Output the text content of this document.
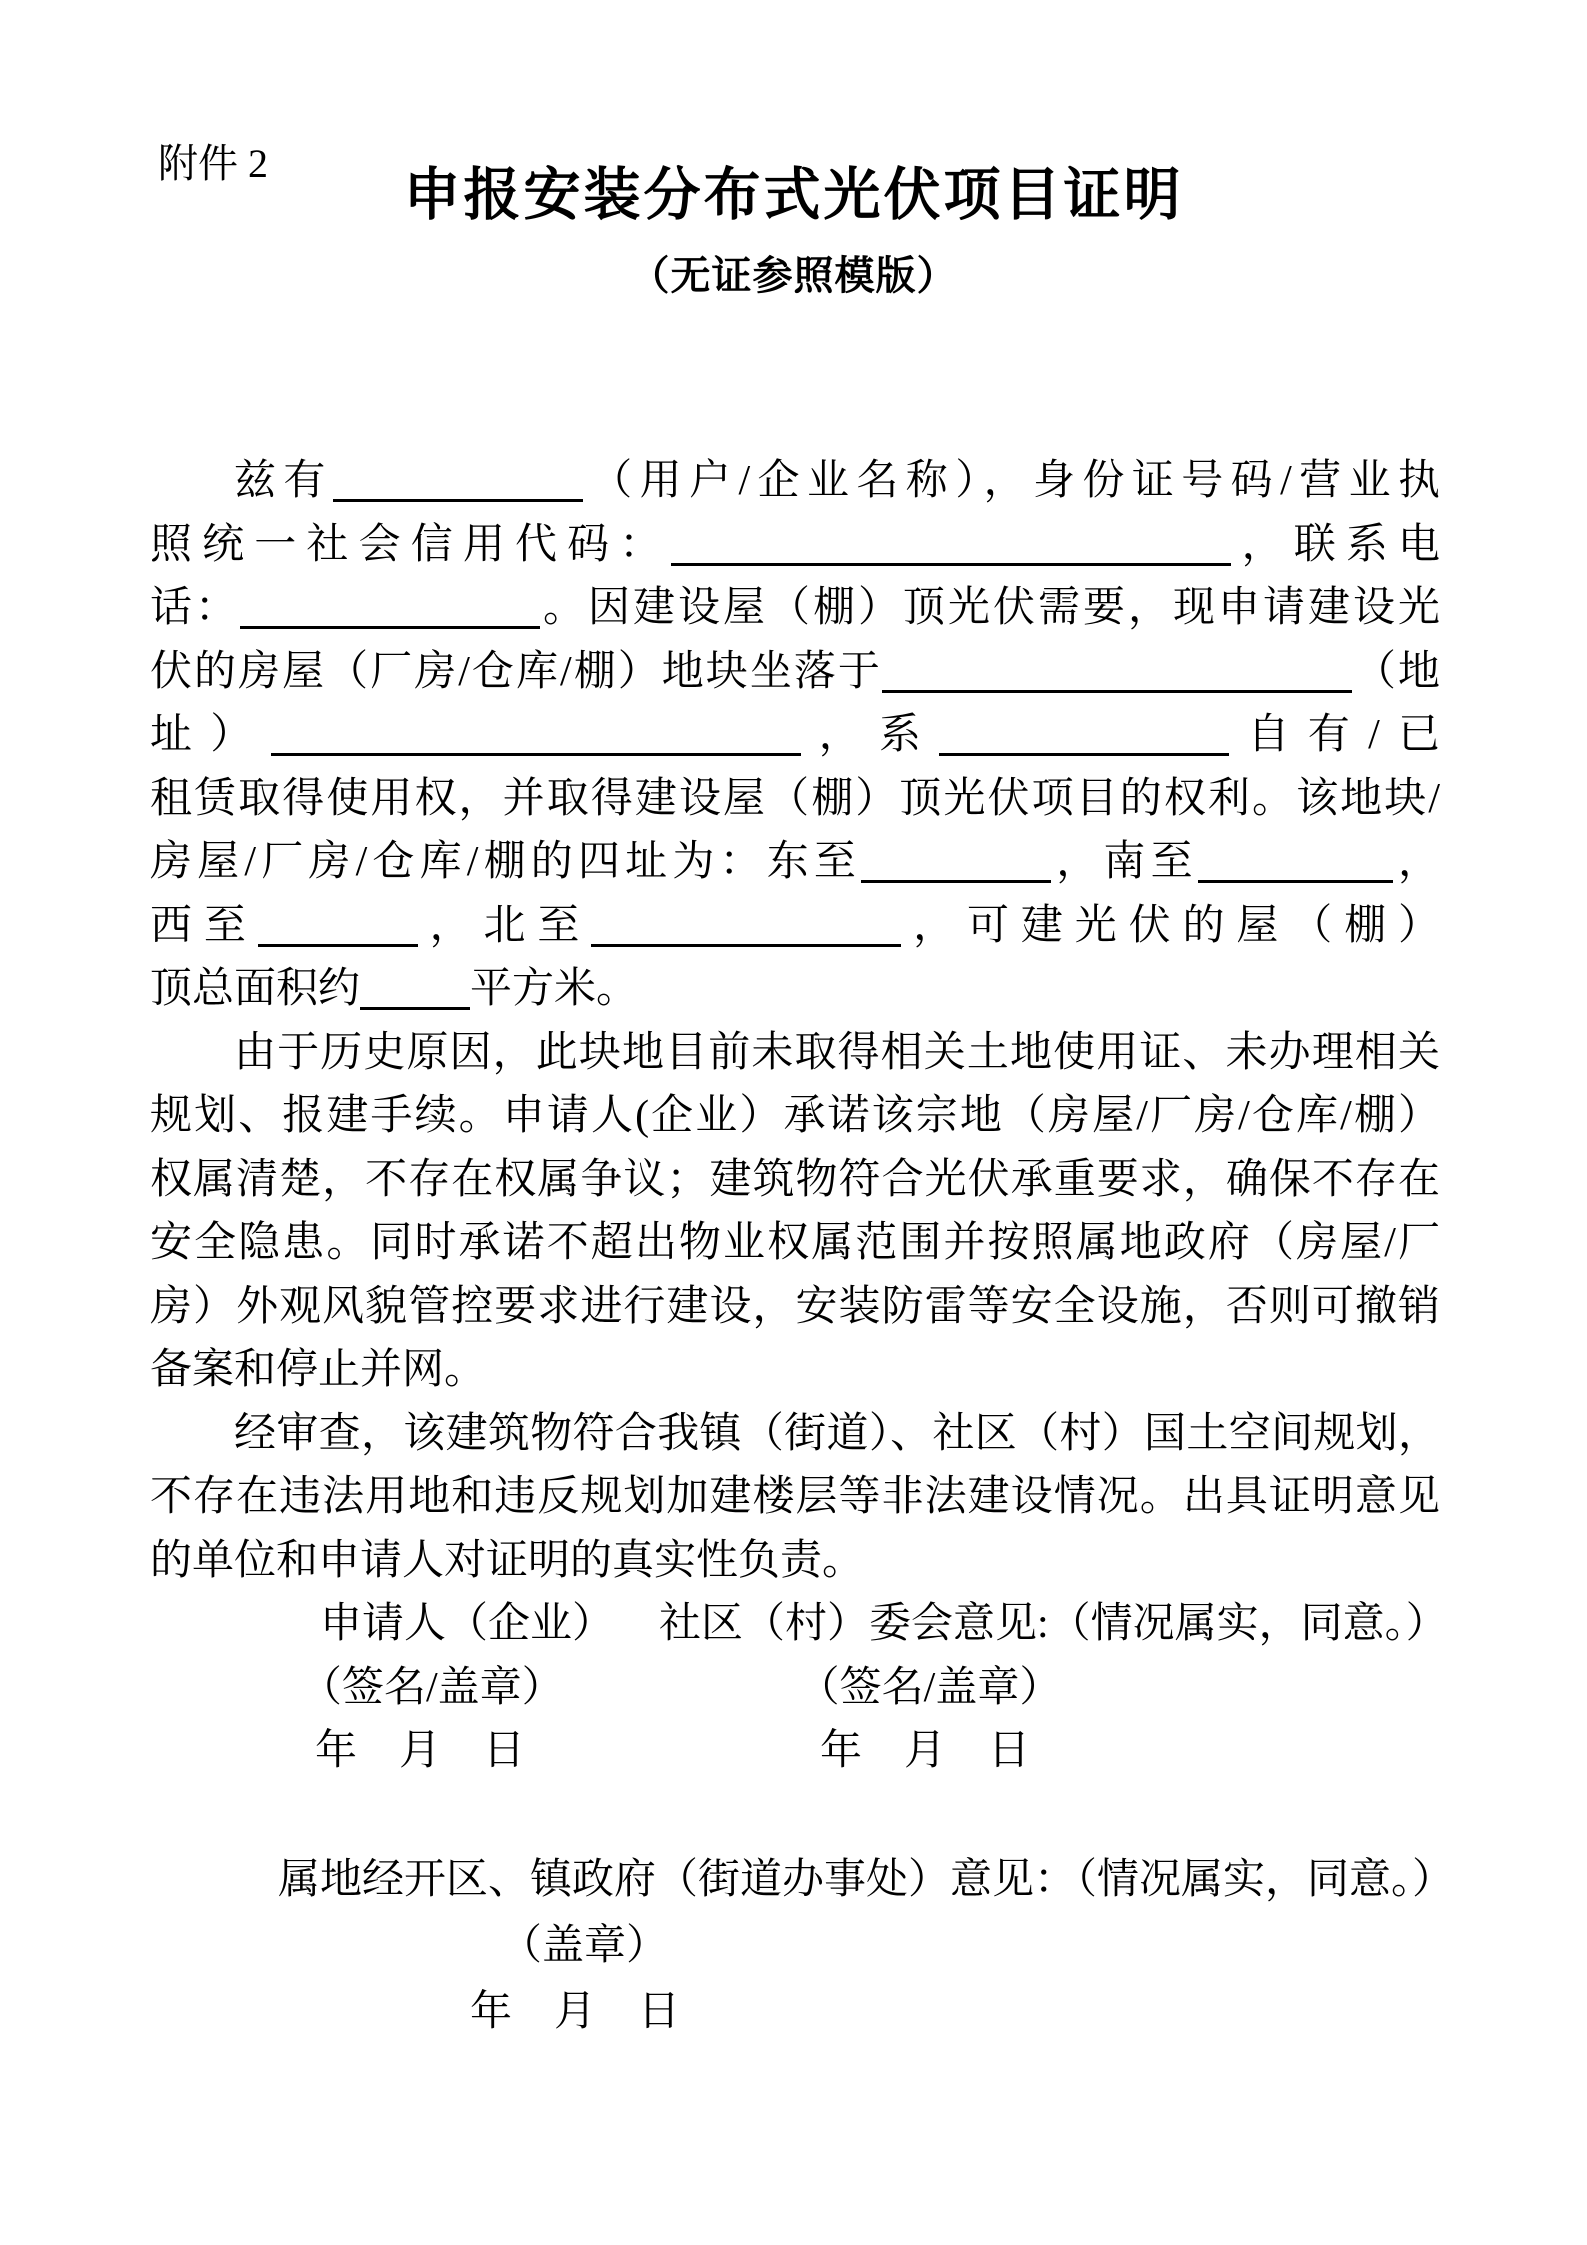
附件 2
申报安装分布式光伏项目证明
（无证参照模版）
兹有	（用户/企业名称），身份证号码/营业执
照统一社会信用代码：	，联系电
话：	。因建设屋（棚）顶光伏需要，现申请建设光
伏的房屋（厂房/仓库/棚）地块坐落于	（地
址）	，系	自有/已
租赁取得使用权，并取得建设屋（棚）顶光伏项目的权利。该地块/
房屋/厂房/仓库/棚的四址为：东至	，南至	，
西至	，北至	，可建光伏的屋（棚）
顶总面积约	平方米。
由于历史原因，此块地目前未取得相关土地使用证、未办理相关
规划、报建手续。申请人(企业）承诺该宗地（房屋/厂房/仓库/棚）
权属清楚，不存在权属争议；建筑物符合光伏承重要求，确保不存在
安全隐患。同时承诺不超出物业权属范围并按照属地政府（房屋/厂
房）外观风貌管控要求进行建设，安装防雷等安全设施，否则可撤销
备案和停止并网。
经审查，该建筑物符合我镇（街道）、社区（村）国土空间规划，
不存在违法用地和违反规划加建楼层等非法建设情况。出具证明意见
的单位和申请人对证明的真实性负责。
申请人（企业） 社区（村）委会意见:（情况属实，同意。）
（签名/盖章）	（签名/盖章）
年　月　日	年　月　日
属地经开区、镇政府（街道办事处）意见：（情况属实，同意。）
（盖章）
年　月　日
